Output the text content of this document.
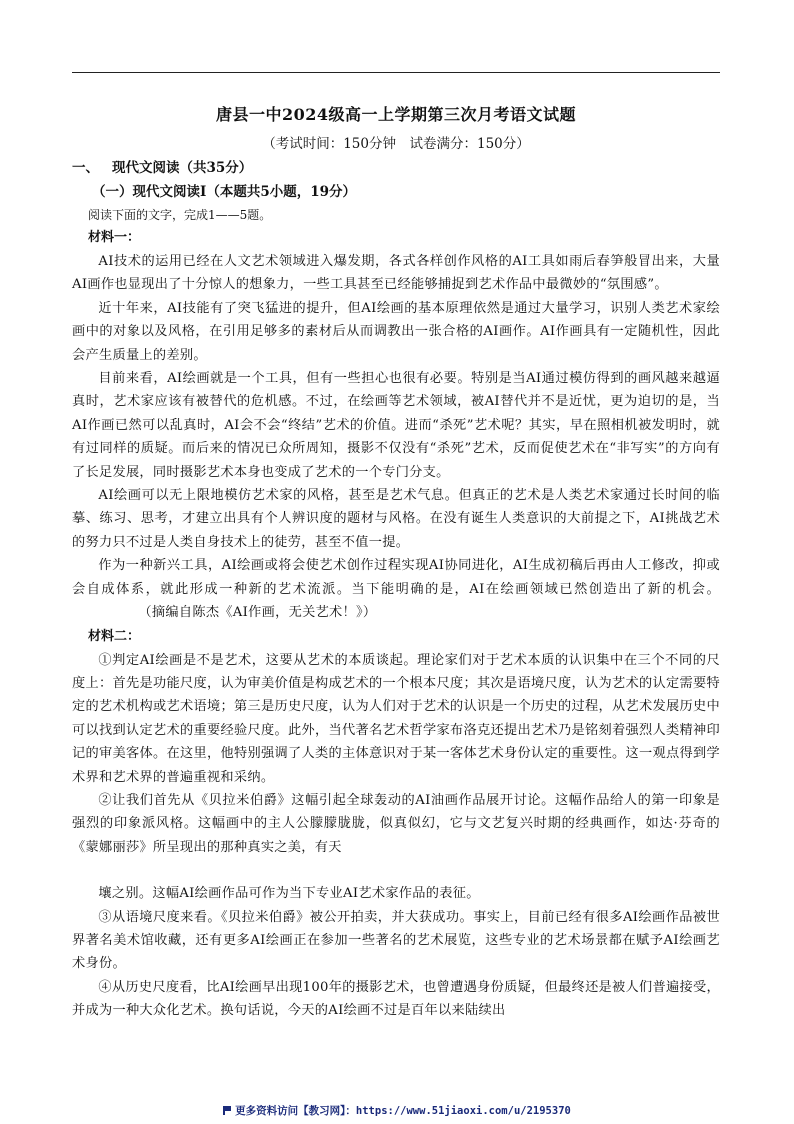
唐县一中2024级高一上学期第三次月考语文试题

（考试时间：150分钟　试卷满分：150分）

一、 现代文阅读（共35分）

（一）现代文阅读Ⅰ（本题共5小题，19分）

阅读下面的文字，完成1——5题。

材料一：

AI技术的运用已经在人文艺术领域进入爆发期，各式各样创作风格的AI工具如雨后春笋般冒出来，大量AI画作也显现出了十分惊人的想象力，一些工具甚至已经能够捕捉到艺术作品中最微妙的“氛围感”。

近十年来，AI技能有了突飞猛进的提升，但AI绘画的基本原理依然是通过大量学习，识别人类艺术家绘画中的对象以及风格，在引用足够多的素材后从而调教出一张合格的AI画作。AI作画具有一定随机性，因此会产生质量上的差别。

目前来看，AI绘画就是一个工具，但有一些担心也很有必要。特别是当AI通过模仿得到的画风越来越逼真时，艺术家应该有被替代的危机感。不过，在绘画等艺术领域，被AI替代并不是近忧，更为迫切的是，当AI作画已然可以乱真时，AI会不会“终结”艺术的价值。进而“杀死”艺术呢？其实，早在照相机被发明时，就有过同样的质疑。而后来的情况已众所周知，摄影不仅没有“杀死”艺术，反而促使艺术在“非写实”的方向有了长足发展，同时摄影艺术本身也变成了艺术的一个专门分支。

AI绘画可以无上限地模仿艺术家的风格，甚至是艺术气息。但真正的艺术是人类艺术家通过长时间的临摹、练习、思考，才建立出具有个人辨识度的题材与风格。在没有诞生人类意识的大前提之下，AI挑战艺术的努力只不过是人类自身技术上的徒劳，甚至不值一提。

作为一种新兴工具，AI绘画或将会使艺术创作过程实现AI协同进化，AI生成初稿后再由人工修改，抑或会自成体系，就此形成一种新的艺术流派。当下能明确的是，AI在绘画领域已然创造出了新的机会。（摘编自陈杰《AI作画，无关艺术！》）

材料二：

①判定AI绘画是不是艺术，这要从艺术的本质谈起。理论家们对于艺术本质的认识集中在三个不同的尺度上：首先是功能尺度，认为审美价值是构成艺术的一个根本尺度；其次是语境尺度，认为艺术的认定需要特定的艺术机构或艺术语境；第三是历史尺度，认为人们对于艺术的认识是一个历史的过程，从艺术发展历史中可以找到认定艺术的重要经验尺度。此外，当代著名艺术哲学家布洛克还提出艺术乃是铭刻着强烈人类精神印记的审美客体。在这里，他特别强调了人类的主体意识对于某一客体艺术身份认定的重要性。这一观点得到学术界和艺术界的普遍重视和采纳。

②让我们首先从《贝拉米伯爵》这幅引起全球轰动的AI油画作品展开讨论。这幅作品给人的第一印象是强烈的印象派风格。这幅画中的主人公朦朦胧胧，似真似幻，它与文艺复兴时期的经典画作，如达·芬奇的《蒙娜丽莎》所呈现出的那种真实之美，有天

壤之别。这幅AI绘画作品可作为当下专业AI艺术家作品的表征。

③从语境尺度来看。《贝拉米伯爵》被公开拍卖，并大获成功。事实上，目前已经有很多AI绘画作品被世界著名美术馆收藏，还有更多AI绘画正在参加一些著名的艺术展览，这些专业的艺术场景都在赋予AI绘画艺术身份。

④从历史尺度看，比AI绘画早出现100年的摄影艺术，也曾遭遇身份质疑，但最终还是被人们普遍接受，并成为一种大众化艺术。换句话说，今天的AI绘画不过是百年以来陆续出

更多资料访问【教习网】：https://www.51jiaoxi.com/u/2195370
